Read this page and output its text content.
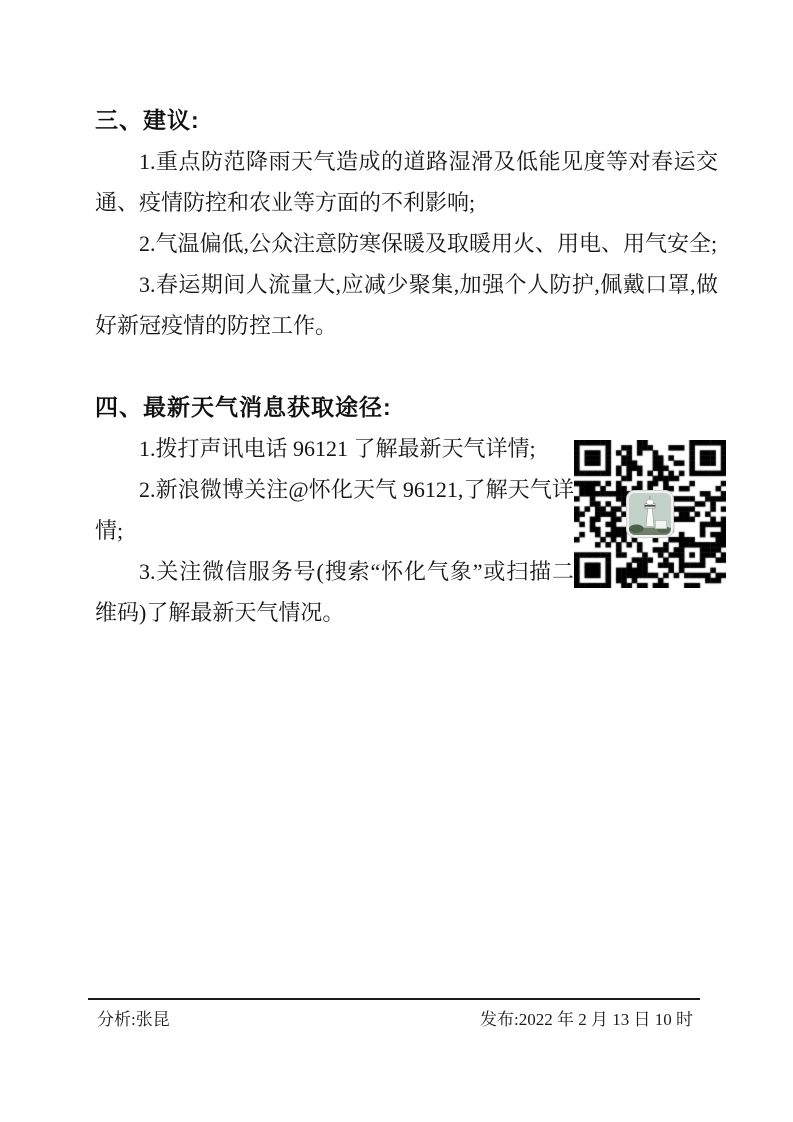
三、建议:

1.重点防范降雨天气造成的道路湿滑及低能见度等对春运交通、疫情防控和农业等方面的不利影响;

2.气温偏低,公众注意防寒保暖及取暖用火、用电、用气安全;

3.春运期间人流量大,应减少聚集,加强个人防护,佩戴口罩,做好新冠疫情的防控工作。

四、最新天气消息获取途径:

1.拨打声讯电话 96121 了解最新天气详情;

2.新浪微博关注@怀化天气 96121,了解天气详情;

3.关注微信服务号(搜索“怀化气象”或扫描二维码)了解最新天气情况。

分析:张昆	发布:2022 年 2 月 13 日 10 时
